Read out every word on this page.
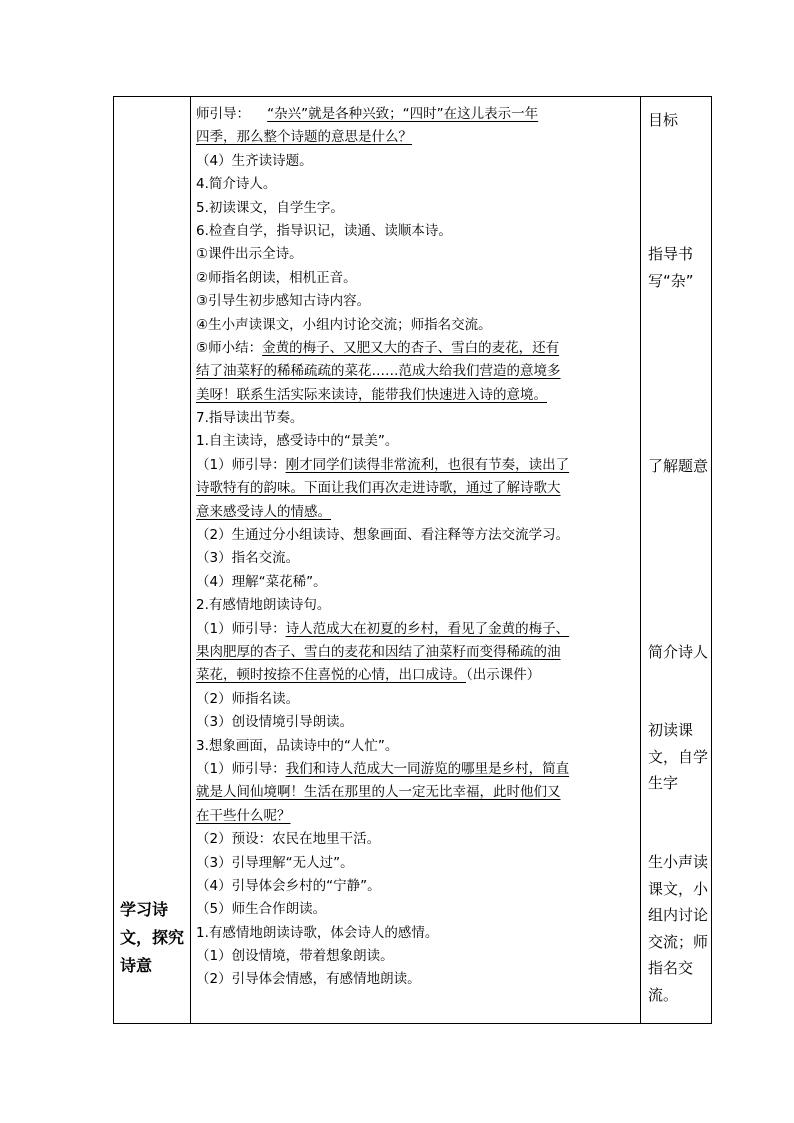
学习诗文，探究诗意
师引导： “杂兴”就是各种兴致；“四时”在这儿表示一年
四季，那么整个诗题的意思是什么？
（4）生齐读诗题。
4.简介诗人。
5.初读课文，自学生字。
6.检查自学，指导识记，读通、读顺本诗。
①课件出示全诗。
②师指名朗读，相机正音。
③引导生初步感知古诗内容。
④生小声读课文，小组内讨论交流；师指名交流。
⑤师小结：金黄的梅子、又肥又大的杏子、雪白的麦花，还有
结了油菜籽的稀稀疏疏的菜花……范成大给我们营造的意境多
美呀！联系生活实际来读诗，能带我们快速进入诗的意境。
7.指导读出节奏。
1.自主读诗，感受诗中的“景美”。
（1）师引导：刚才同学们读得非常流利，也很有节奏，读出了
诗歌特有的韵味。下面让我们再次走进诗歌，通过了解诗歌大
意来感受诗人的情感。
（2）生通过分小组读诗、想象画面、看注释等方法交流学习。
（3）指名交流。
（4）理解“菜花稀”。
2.有感情地朗读诗句。
（1）师引导：诗人范成大在初夏的乡村，看见了金黄的梅子、
果肉肥厚的杏子、雪白的麦花和因结了油菜籽而变得稀疏的油
菜花，顿时按捺不住喜悦的心情，出口成诗。（出示课件）
（2）师指名读。
（3）创设情境引导朗读。
3.想象画面，品读诗中的“人忙”。
（1）师引导：我们和诗人范成大一同游览的哪里是乡村，简直
就是人间仙境啊！生活在那里的人一定无比幸福，此时他们又
在干些什么呢？
（2）预设：农民在地里干活。
（3）引导理解“无人过”。
（4）引导体会乡村的“宁静”。
（5）师生合作朗读。
1.有感情地朗读诗歌，体会诗人的感情。
（1）创设情境，带着想象朗读。
（2）引导体会情感，有感情地朗读。
目标
指导书写“杂”
了解题意
简介诗人
初读课文，自学生字
生小声读课文，小组内讨论交流；师指名交流。
